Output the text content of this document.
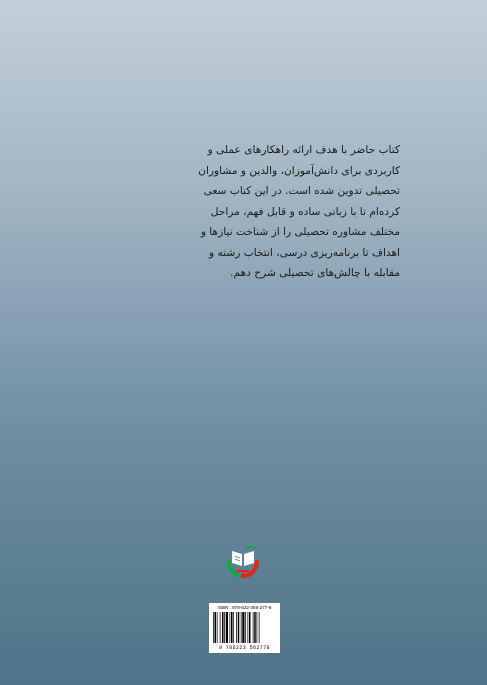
کتاب حاضر با هدف ارائه راهکارهای عملی و

کاربردی برای دانش‌آموزان، والدین و مشاوران

تحصیلی تدوین شده است. در این کتاب سعی

کرده‌ام تا با زبانی ساده و قابل فهم، مراحل

مختلف مشاوره تحصیلی را از شناخت نیازها و

اهداف تا برنامه‌ریزی درسی، انتخاب رشته و

مقابله با چالش‌های تحصیلی شرح دهم.

ISBN : 978-622-356-277-8
9 786223 562778
